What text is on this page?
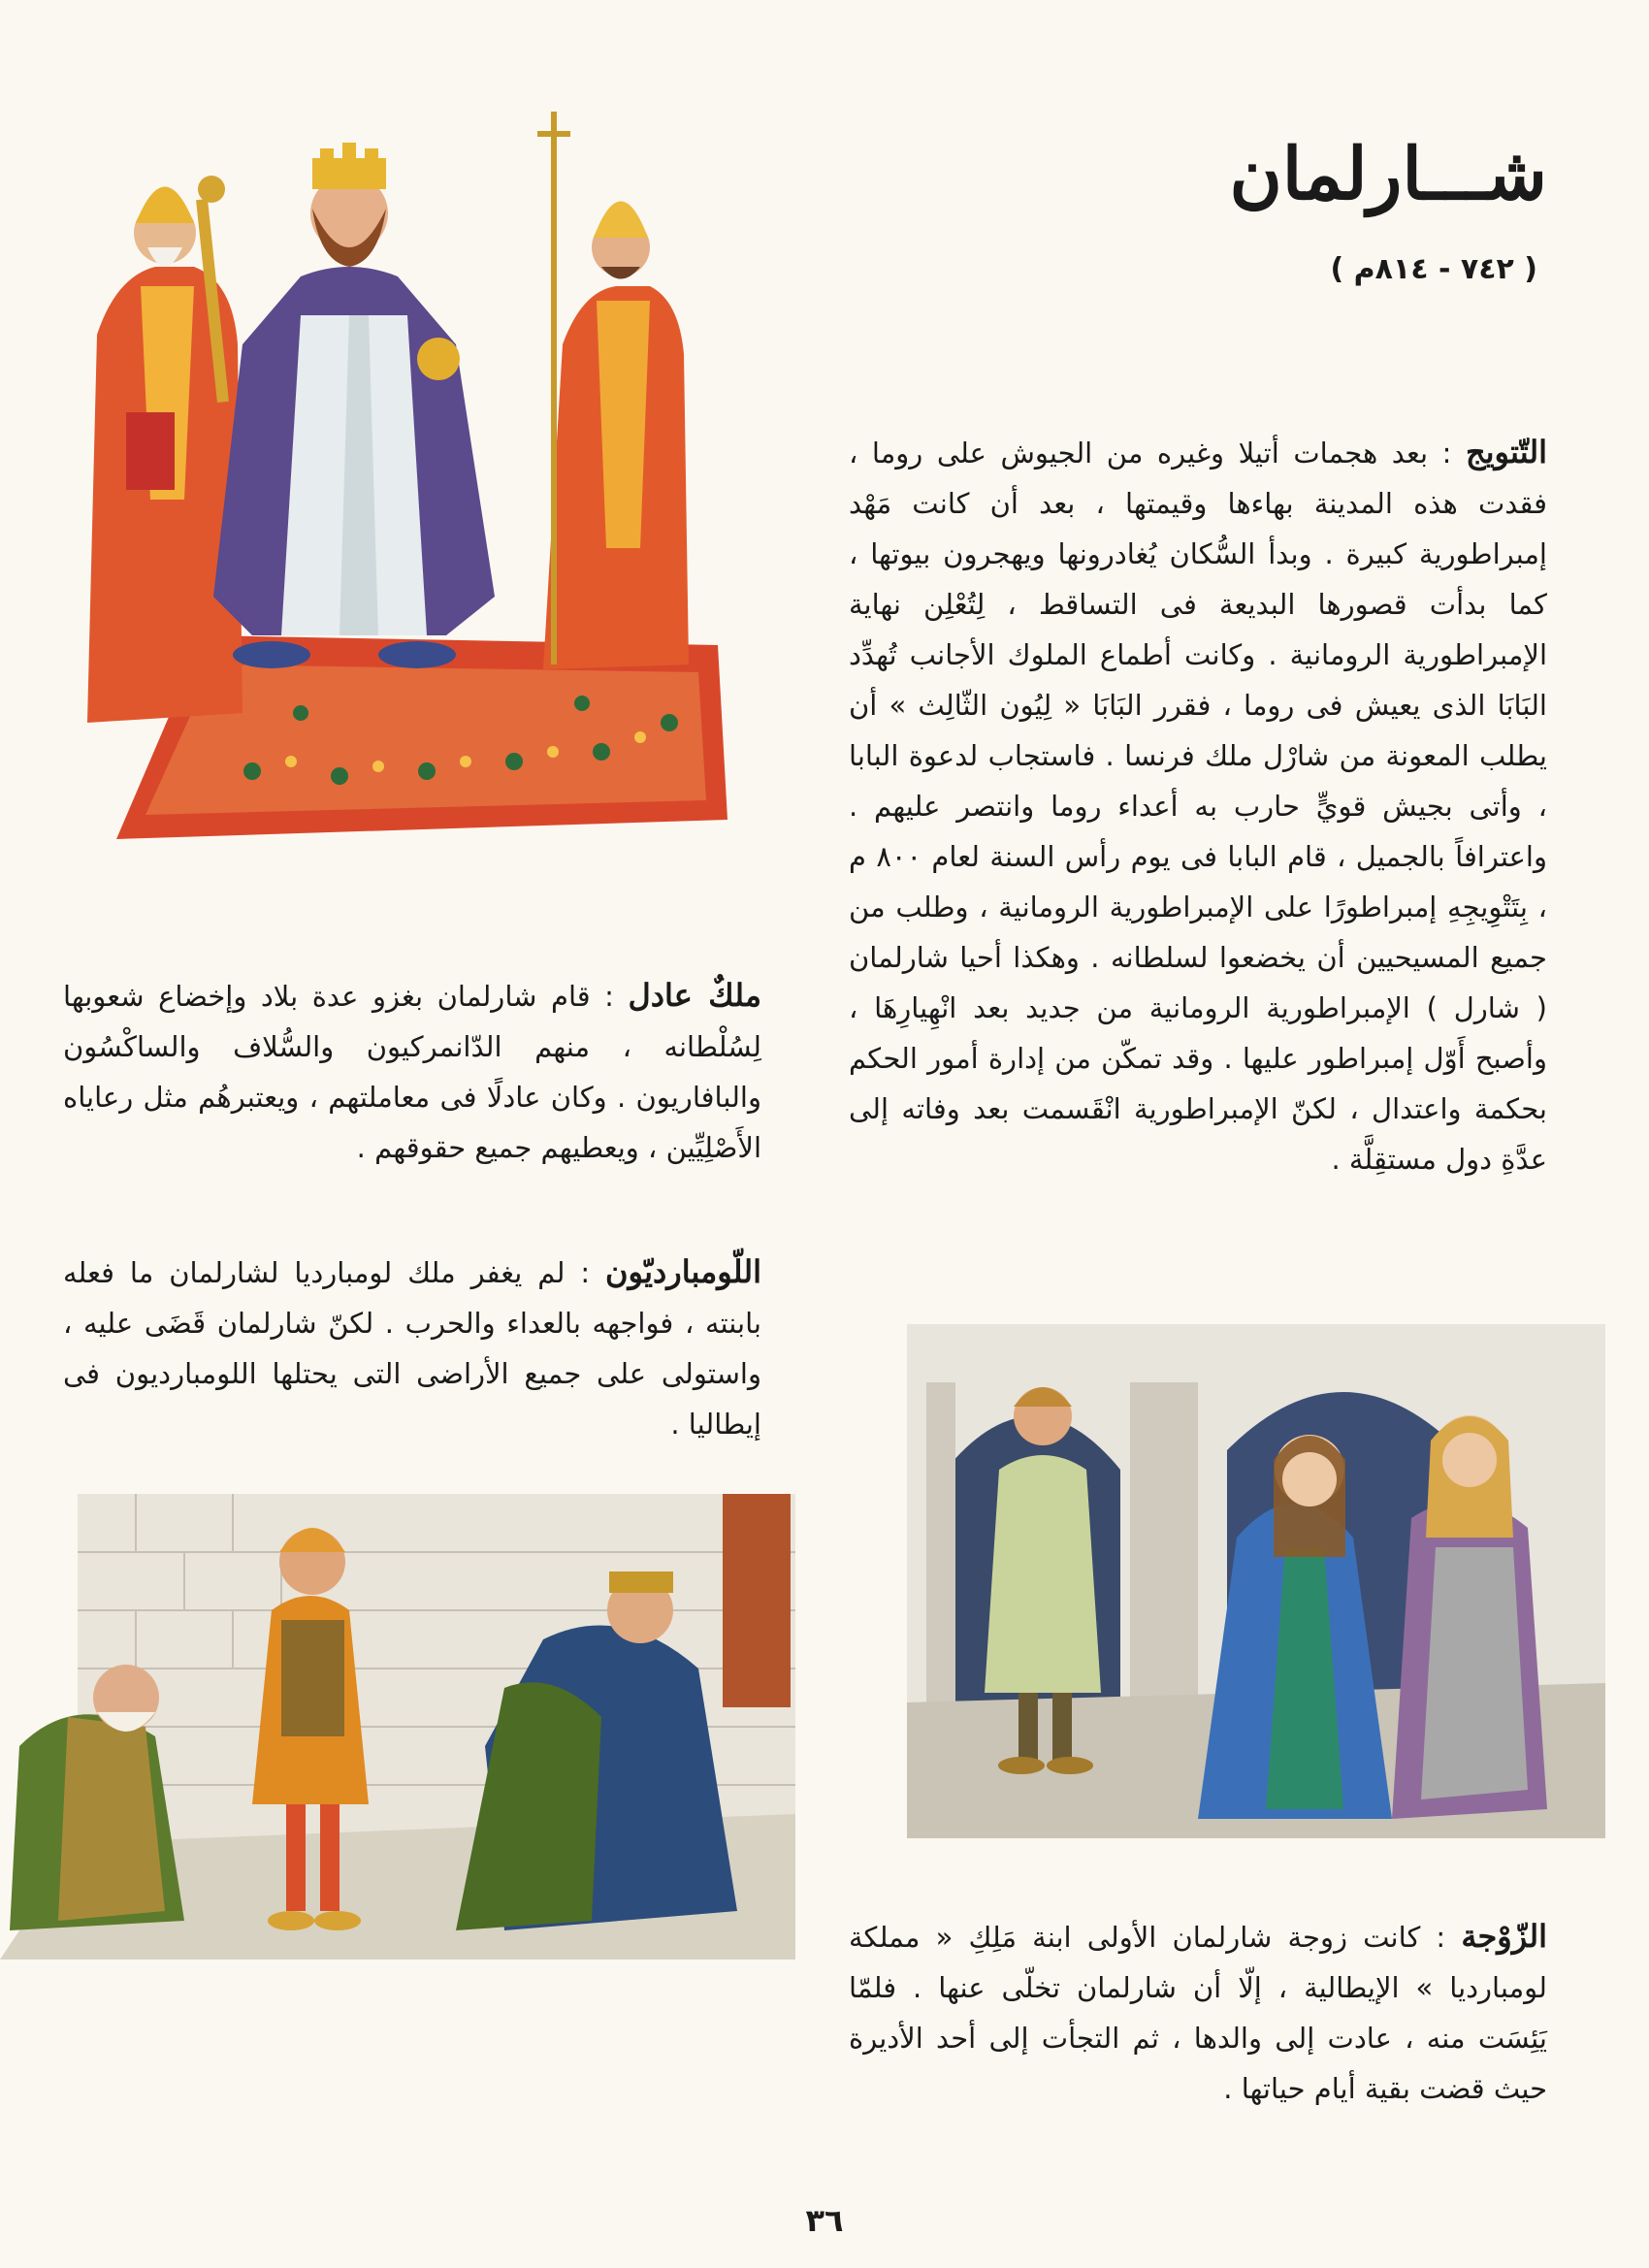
شـــارلمان
( ٧٤٢ - ٨١٤م )
التّتويج : بعد هجمات أتيلا وغيره من الجيوش على روما ، فقدت هذه المدينة بهاءها وقيمتها ، بعد أن كانت مَهْد إمبراطورية كبيرة . وبدأ السُّكان يُغادرونها ويهجرون بيوتها ، كما بدأت قصورها البديعة فى التساقط ، لِتُعْلِن نهاية الإمبراطورية الرومانية . وكانت أطماع الملوك الأجانب تُهدِّد البَابَا الذى يعيش فى روما ، فقرر البَابَا « لِيُون الثّالِث » أن يطلب المعونة من شارْل ملك فرنسا . فاستجاب لدعوة البابا ، وأتى بجيش قويٍّ حارب به أعداء روما وانتصر عليهم . واعترافاً بالجميل ، قام البابا فى يوم رأس السنة لعام ٨٠٠ م ، بِتَتْوِيجِهِ إمبراطورًا على الإمبراطورية الرومانية ، وطلب من جميع المسيحيين أن يخضعوا لسلطانه . وهكذا أحيا شارلمان ( شارل ) الإمبراطورية الرومانية من جديد بعد انْهِيارِهَا ، وأصبح أَوّل إمبراطور عليها . وقد تمكّن من إدارة أمور الحكم بحكمة واعتدال ، لكنّ الإمبراطورية انْقَسمت بعد وفاته إلى عدَّةِ دول مستقِلَّة .
ملكٌ عادل : قام شارلمان بغزو عدة بلاد وإخضاع شعوبها لِسُلْطانه ، منهم الدّانمركيون والسُّلاف والساكْسُون والبافاريون . وكان عادلًا فى معاملتهم ، ويعتبرهُم مثل رعاياه الأَصْلِيِّين ، ويعطيهم جميع حقوقهم .
اللّومبارديّون : لم يغفر ملك لومبارديا لشارلمان ما فعله بابنته ، فواجهه بالعداء والحرب . لكنّ شارلمان قَضَى عليه ، واستولى على جميع الأراضى التى يحتلها اللومبارديون فى إيطاليا .
الزّوْجة : كانت زوجة شارلمان الأولى ابنة مَلِكِ « مملكة لومبارديا » الإيطالية ، إلّا أن شارلمان تخلّى عنها . فلمّا يَئِسَت منه ، عادت إلى والدها ، ثم التجأت إلى أحد الأديرة حيث قضت بقية أيام حياتها .
٣٦
